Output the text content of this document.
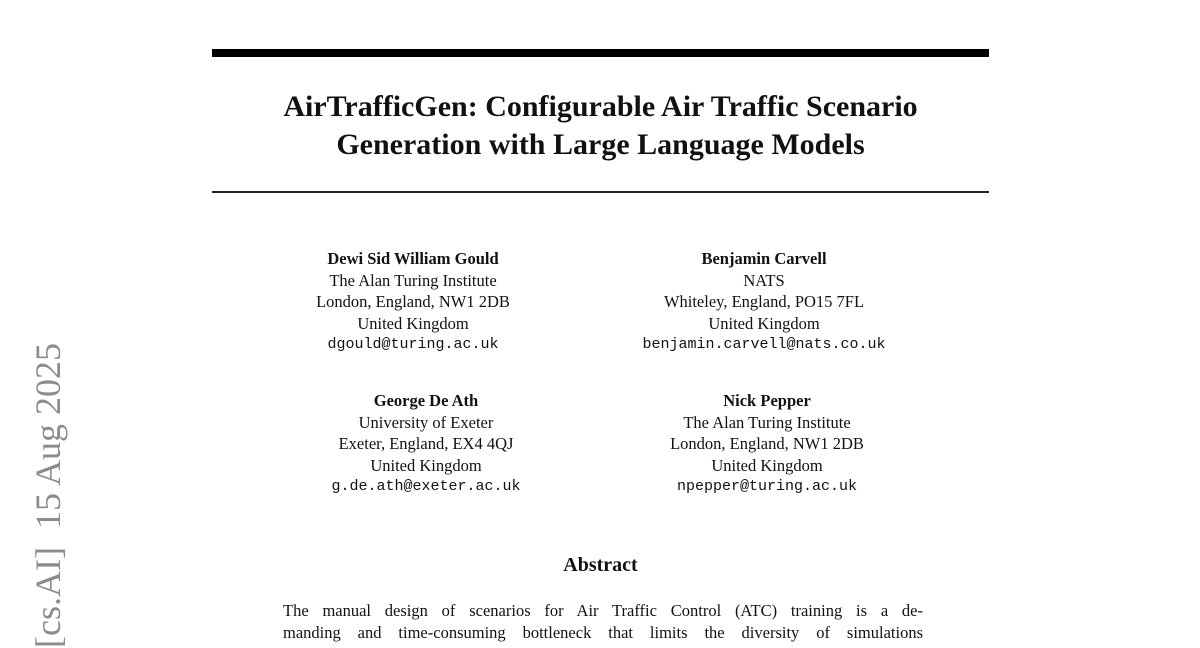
[cs.AI]  15 Aug 2025
AirTrafficGen: Configurable Air Traffic Scenario
Generation with Large Language Models
Dewi Sid William Gould
The Alan Turing Institute
London, England, NW1 2DB
United Kingdom
dgould@turing.ac.uk
Benjamin Carvell
NATS
Whiteley, England, PO15 7FL
United Kingdom
benjamin.carvell@nats.co.uk
George De Ath
University of Exeter
Exeter, England, EX4 4QJ
United Kingdom
g.de.ath@exeter.ac.uk
Nick Pepper
The Alan Turing Institute
London, England, NW1 2DB
United Kingdom
npepper@turing.ac.uk
Abstract

The manual design of scenarios for Air Traffic Control (ATC) training is a de-
manding and time-consuming bottleneck that limits the diversity of simulations
